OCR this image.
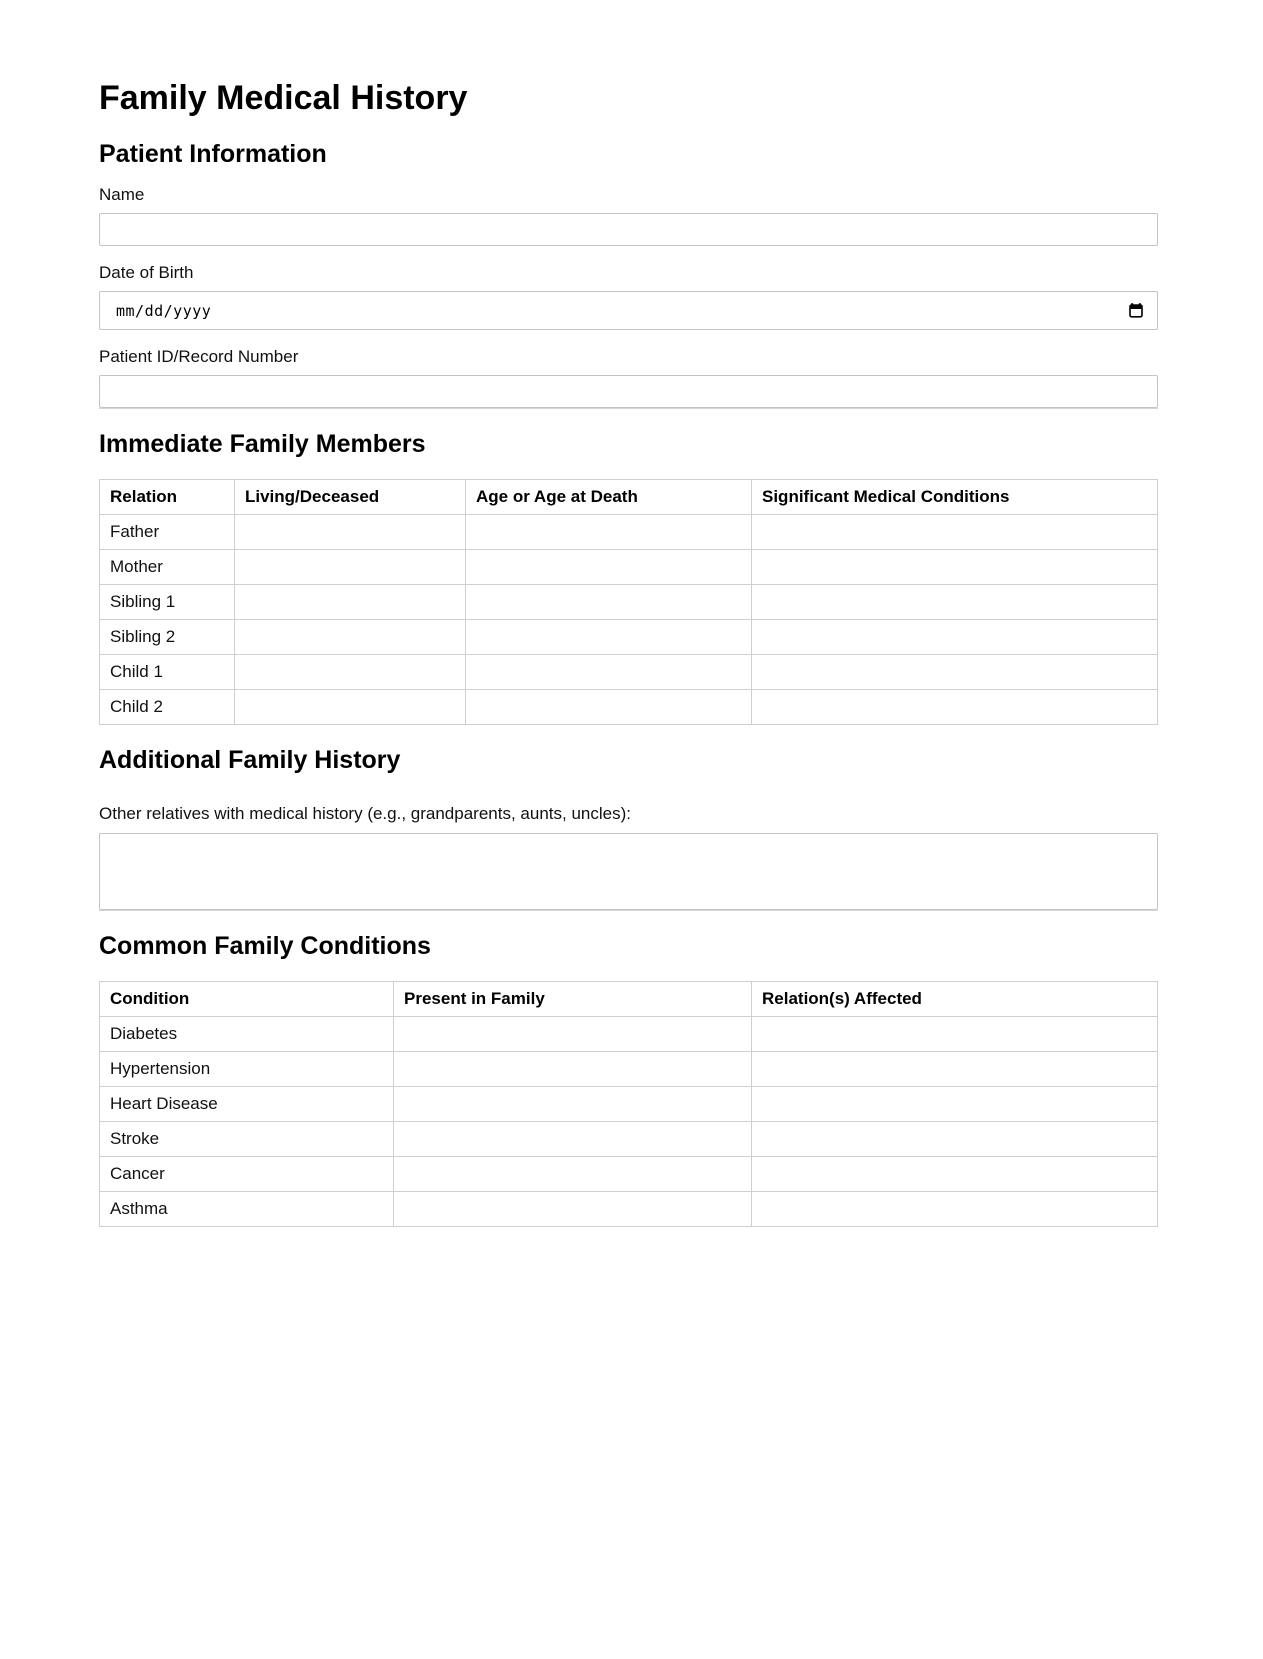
Family Medical History
Patient Information
Name
Date of Birth
mm/dd/yyyy
Patient ID/Record Number
Immediate Family Members
Relation	Living/Deceased	Age or Age at Death	Significant Medical Conditions
Father			
Mother			
Sibling 1			
Sibling 2			
Child 1			
Child 2			
Additional Family History

Other relatives with medical history (e.g., grandparents, aunts, uncles):

Common Family Conditions
Condition	Present in Family	Relation(s) Affected
Diabetes		
Hypertension		
Heart Disease		
Stroke		
Cancer		
Asthma		
